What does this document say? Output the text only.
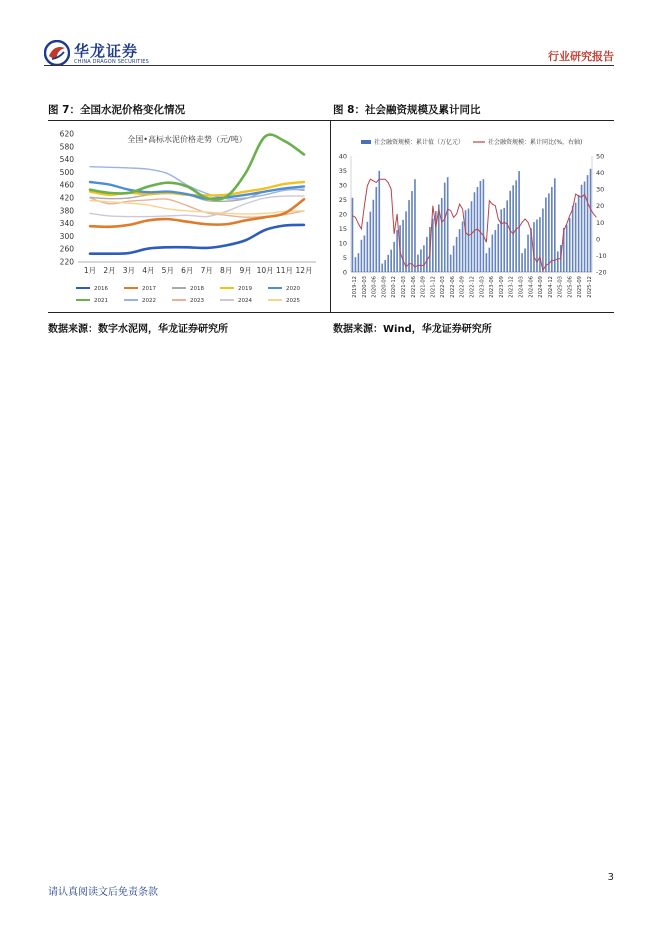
华龙证券
CHINA DRAGON SECURITIES	行业研究报告
图 7：全国水泥价格变化情况	图 8：社会融资规模及累计同比
220
260
300
340
380
420
460
500
540
580
620
1月 2月 3月 4月 5月 6月 7月 8月 9月 10月 11月 12月
全国•高标水泥价格走势（元/吨）
2016	2017	2018	2019	2020
2021	2022	2023	2024	2025
社会融资规模：累计值（万亿元）	社会融资规模：累计同比(%，右轴)
0
5
10
15
20
25
30
35
40
-20
-10
0
10
20
30
40
50
2019-12 2020-03 2020-06 2020-09 2020-12 2021-03 2021-06 2021-09 2021-12 2022-03 2022-06 2022-09 2022-12 2023-03 2023-06 2023-09 2023-12 2024-03 2024-06 2024-09 2024-12 2025-03 2025-06 2025-09 2025-12
数据来源：数字水泥网，华龙证券研究所	数据来源：Wind，华龙证券研究所
3
请认真阅读文后免责条款
